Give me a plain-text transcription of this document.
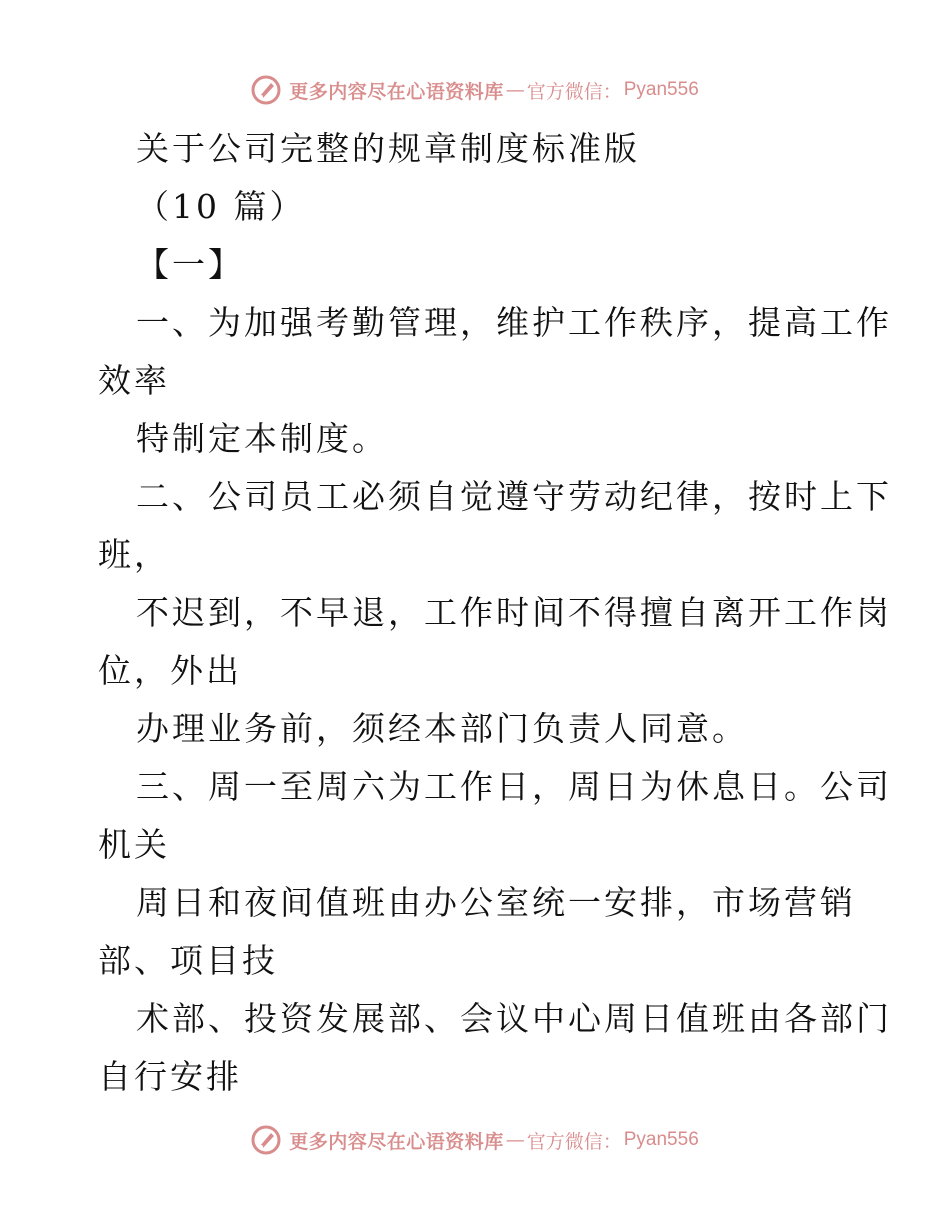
更多内容尽在心语资料库 — 官方微信： Pyan556
关于公司完整的规章制度标准版
（10 篇）
【一】
一、为加强考勤管理，维护工作秩序，提高工作
效率
特制定本制度。
二、公司员工必须自觉遵守劳动纪律，按时上下
班，
不迟到，不早退，工作时间不得擅自离开工作岗
位，外出
办理业务前，须经本部门负责人同意。
三、周一至周六为工作日，周日为休息日。公司
机关
周日和夜间值班由办公室统一安排，市场营销
部、项目技
术部、投资发展部、会议中心周日值班由各部门
自行安排
更多内容尽在心语资料库 — 官方微信： Pyan556
